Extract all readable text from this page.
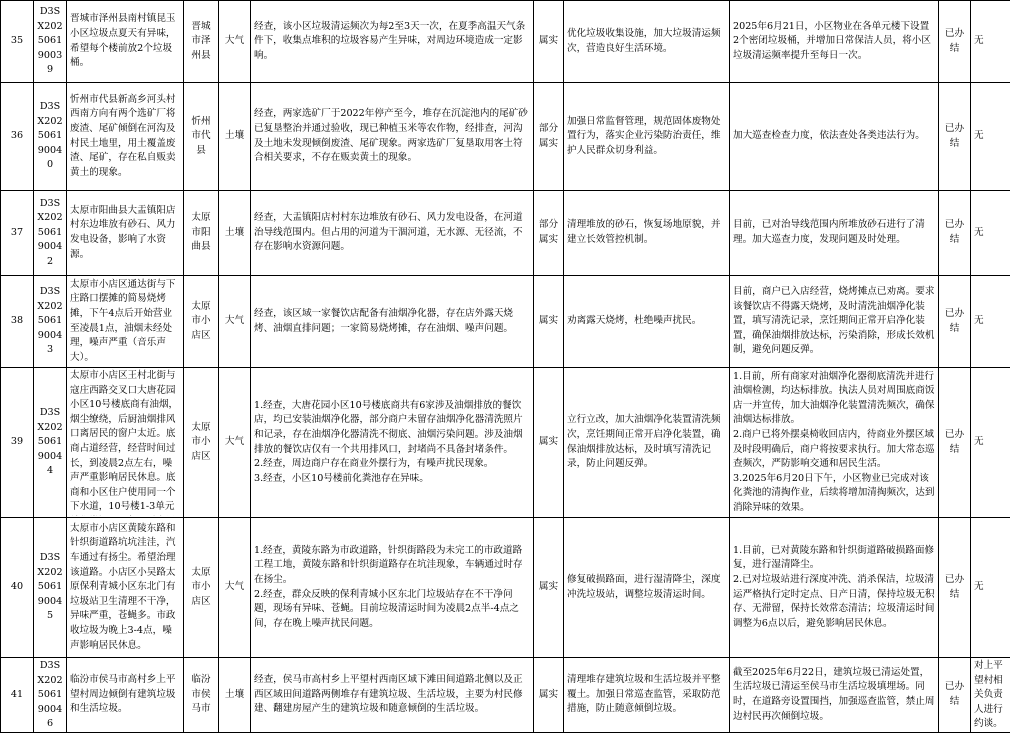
35	D3SX202506190039	晋城市泽州县南村镇昆玉小区垃圾点夏天有异味，希望每个楼前放2个垃圾桶。	晋城市泽州县	大气	经查，该小区垃圾清运频次为每2至3天一次，在夏季高温天气条件下，收集点堆积的垃圾容易产生异味，对周边环境造成一定影响。	属实	优化垃圾收集设施，加大垃圾清运频次，营造良好生活环境。	2025年6月21日，小区物业在各单元楼下设置2个密闭垃圾桶，并增加日常保洁人员，将小区垃圾清运频率提升至每日一次。	已办结	无

36	D3SX202506190040	忻州市代县新高乡河头村西南方向有两个选矿厂将废渣、尾矿倾倒在河沟及村民土地里，用土覆盖废渣、尾矿，存在私自贩卖黄土的现象。	忻州市代县	土壤	经查，两家选矿厂于2022年停产至今，堆存在沉淀池内的尾矿砂已复垦整治并通过验收，现已种植玉米等农作物，经排查，河沟及土地未发现倾倒废渣、尾矿现象。两家选矿厂复垦取用客土符合相关要求，不存在贩卖黄土的现象。	部分属实	加强日常监督管理，规范固体废物处置行为，落实企业污染防治责任，维护人民群众切身利益。	加大巡查检查力度，依法查处各类违法行为。	已办结	无

37	D3SX202506190042	太原市阳曲县大盂镇阳店村东边堆放有砂石、风力发电设备，影响了水资源。	太原市阳曲县	土壤	经查，大盂镇阳店村村东边堆放有砂石、风力发电设备，在河道治导线范围内。但占用的河道为干涸河道，无水源、无径流，不存在影响水资源问题。	部分属实	清理堆放的砂石，恢复场地原貌，并建立长效管控机制。	目前，已对治导线范围内所堆放砂石进行了清理。加大巡查力度，发现问题及时处理。	已办结	无

38	D3SX202506190043	太原市小店区通达街与下庄路口摆摊的简易烧烤摊，下午4点后开始营业至凌晨1点，油烟未经处理，噪声严重（音乐声大）。	太原市小店区	大气	经查，该区域一家餐饮店配备有油烟净化器，存在店外露天烧烤、油烟直排问题；一家简易烧烤摊，存在油烟、噪声问题。	属实	劝离露天烧烤，杜绝噪声扰民。	目前，商户已入店经营，烧烤摊点已劝离。要求该餐饮店不得露天烧烤，及时清洗油烟净化装置，填写清洗记录，烹饪期间正常开启净化装置，确保油烟排放达标，污染消除，形成长效机制，避免问题反弹。	已办结	无

39	D3SX202506190044	太原市小店区王村北街与寇庄西路交叉口大唐花园小区10号楼底商有油烟，烟尘缭绕，后厨油烟排风口离居民的窗户太近。底商占道经营，经营时间过长，到凌晨2点左右，噪声严重影响居民休息。底商和小区住户使用同一个下水道，10号楼1-3单元	太原市小店区	大气	1.经查，大唐花园小区10号楼底商共有6家涉及油烟排放的餐饮店，均已安装油烟净化器，部分商户未留存油烟净化器清洗照片和记录，存在油烟净化器清洗不彻底、油烟污染问题。涉及油烟排放的餐饮店仅有一个共用排风口，封堵尚不具备封堵条件。
2.经查，周边商户存在商业外摆行为，有噪声扰民现象。
3.经查，小区10号楼前化粪池存在异味。	属实	立行立改，加大油烟净化装置清洗频次，烹饪期间正常开启净化装置，确保油烟排放达标，及时填写清洗记录，防止问题反弹。	1.目前，所有商家对油烟净化器彻底清洗并进行油烟检测，均达标排放。执法人员对周围底商饭店一并宣传，加大油烟净化装置清洗频次，确保油烟达标排放。
2.商户已将外摆桌椅收回店内，待商业外摆区域及时段明确后，商户将按要求执行。加大常态巡查频次，严防影响交通和居民生活。
3.2025年6月20日下午，小区物业已完成对该化粪池的清掏作业，后续将增加清掏频次，达到消除异味的效果。	已办结	无

40	D3SX202506190045	太原市小店区黄陵东路和针织街道路坑坑洼洼，汽车通过有扬尘。希望治理该道路。小店区小吴路太原保利青城小区东北门有垃圾站卫生清理不干净，异味严重，苍蝇多。市政收垃圾为晚上3-4点，噪声影响居民休息。	太原市小店区	大气	1.经查，黄陵东路为市政道路，针织街路段为未完工的市政道路工程工地，黄陵东路和针织街道路存在坑洼现象，车辆通过时存在扬尘。
2.经查，群众反映的保利青城小区东北门垃圾站存在不干净问题，现场有异味、苍蝇。目前垃圾清运时间为凌晨2点半-4点之间，存在晚上噪声扰民问题。	属实	修复破损路面，进行湿清降尘，深度冲洗垃圾站，调整垃圾清运时间。	1.目前，已对黄陵东路和针织街道路破损路面修复，进行湿清降尘。
2.已对垃圾站进行深度冲洗、消杀保洁，垃圾清运严格执行定时定点、日产日清，保持垃圾无积存、无滞留，保持长效常态清洁；垃圾清运时间调整为6点以后，避免影响居民休息。	已办结	无

41	D3SX202506190046	临汾市侯马市高村乡上平望村周边倾倒有建筑垃圾和生活垃圾。	临汾市侯马市	土壤	经查，侯马市高村乡上平望村西南区域下滩田间道路北侧以及正西区域田间道路两侧堆存有建筑垃圾、生活垃圾，主要为村民修建、翻建房屋产生的建筑垃圾和随意倾倒的生活垃圾。	属实	清理堆存建筑垃圾和生活垃圾并平整覆土。加强日常巡查监管，采取防范措施，防止随意倾倒垃圾。	截至2025年6月22日，建筑垃圾已清运处置，生活垃圾已清运至侯马市生活垃圾填埋场。同时，在道路旁设置围挡，加强巡查监管，禁止周边村民再次倾倒垃圾。	已办结	对上平望村相关负责人进行约谈。
